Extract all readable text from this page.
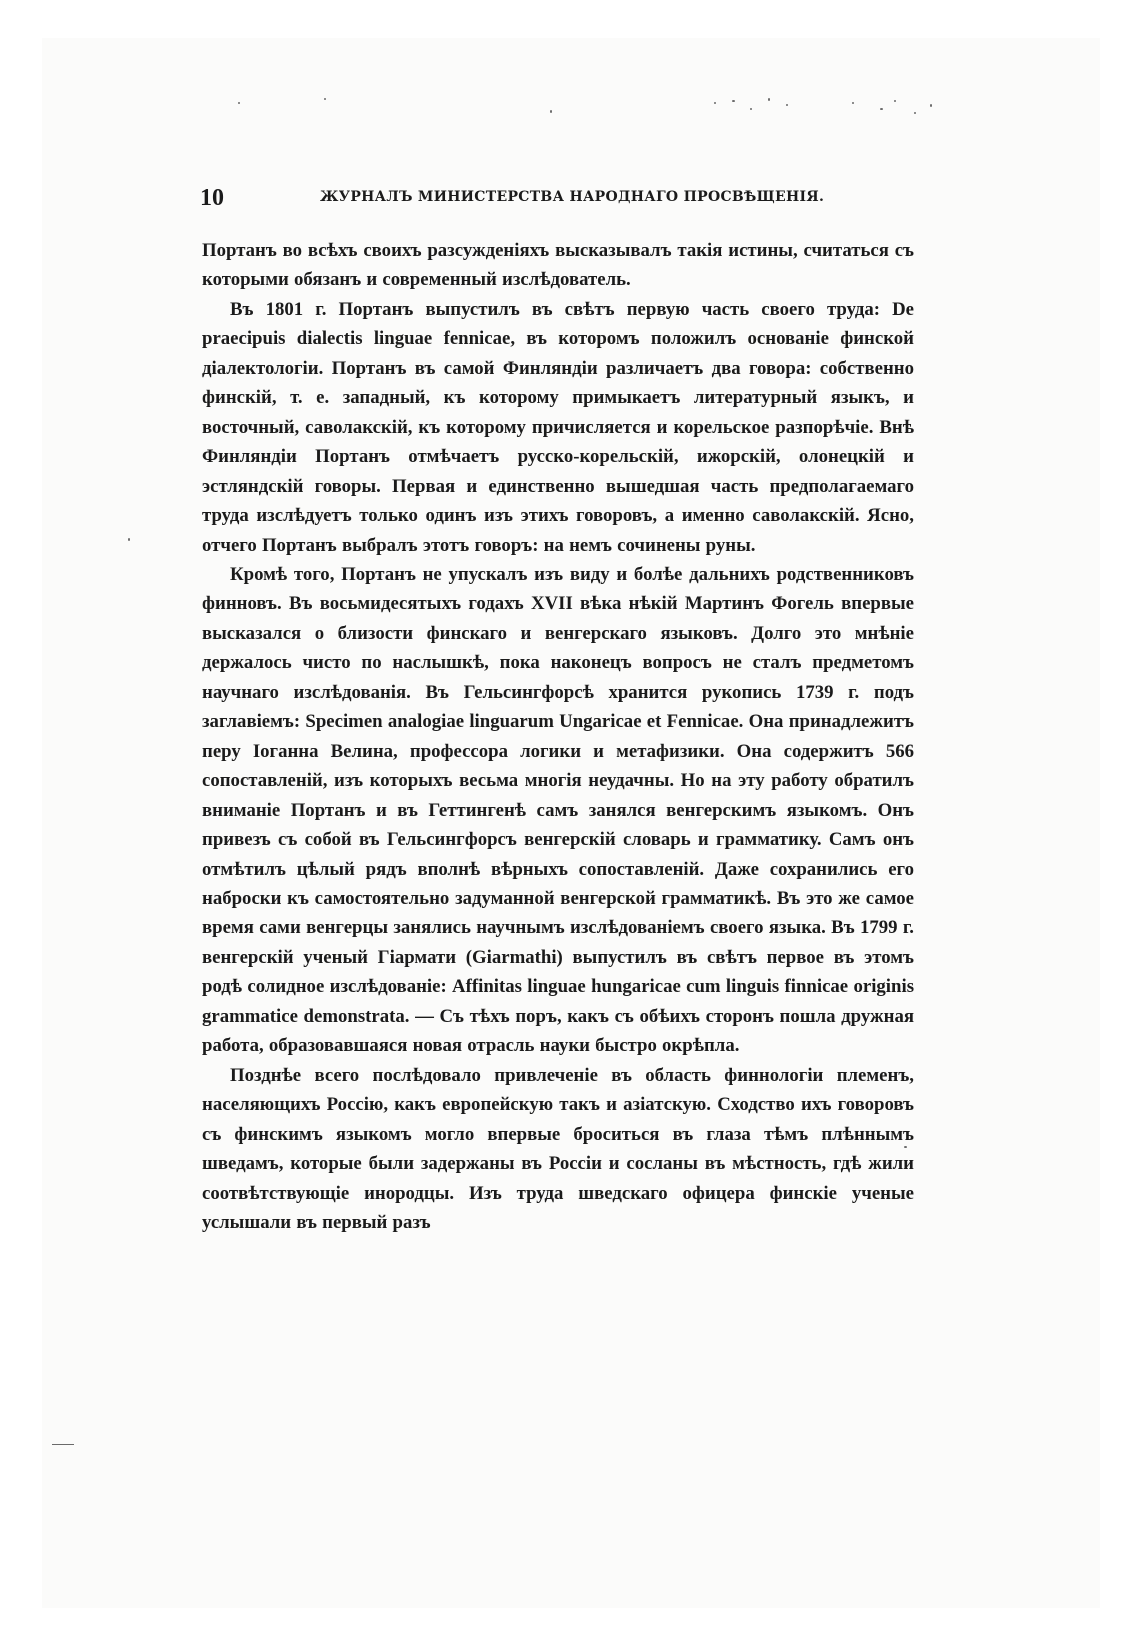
10	ЖУРНАЛЪ МИНИСТЕРСТВА НАРОДНАГО ПРОСВѢЩЕНІЯ.

Портанъ во всѣхъ своихъ разсужденіяхъ высказывалъ такія истины, считаться съ которыми обязанъ и современный изслѣдователь.

Въ 1801 г. Портанъ выпустилъ въ свѣтъ первую часть своего труда: De praecipuis dialectis linguae fennicae, въ которомъ положилъ основаніе финской діалектологіи. Портанъ въ самой Финляндіи различаетъ два говора: собственно финскій, т. е. западный, къ которому примыкаетъ литературный языкъ, и восточный, саволакскій, къ которому причисляется и корельское разпорѣчіе. Внѣ Финляндіи Портанъ отмѣчаетъ русско-корельскій, ижорскій, олонецкій и эстляндскій говоры. Первая и единственно вышедшая часть предполагаемаго труда изслѣдуетъ только одинъ изъ этихъ говоровъ, а именно саволакскій. Ясно, отчего Портанъ выбралъ этотъ говоръ: на немъ сочинены руны.

Кромѣ того, Портанъ не упускалъ изъ виду и болѣе дальнихъ родственниковъ финновъ. Въ восьмидесятыхъ годахъ XVII вѣка нѣкій Мартинъ Фогель впервые высказался о близости финскаго и венгерскаго языковъ. Долго это мнѣніе держалось чисто по наслышкѣ, пока наконецъ вопросъ не сталъ предметомъ научнаго изслѣдованія. Въ Гельсингфорсѣ хранится рукопись 1739 г. подъ заглавіемъ: Specimen analogiae linguarum Ungaricae et Fennicae. Она принадлежитъ перу Іоганна Велина, профессора логики и метафизики. Она содержитъ 566 сопоставленій, изъ которыхъ весьма многія неудачны. Но на эту работу обратилъ вниманіе Портанъ и въ Геттингенѣ самъ занялся венгерскимъ языкомъ. Онъ привезъ съ собой въ Гельсингфорсъ венгерскій словарь и грамматику. Самъ онъ отмѣтилъ цѣлый рядъ вполнѣ вѣрныхъ сопоставленій. Даже сохранились его наброски къ самостоятельно задуманной венгерской грамматикѣ. Въ это же самое время сами венгерцы занялись научнымъ изслѣдованіемъ своего языка. Въ 1799 г. венгерскій ученый Гіармати (Giarmathi) выпустилъ въ свѣтъ первое въ этомъ родѣ солидное изслѣдованіе: Affinitas linguae hungaricae cum linguis finnicae originis grammatice demonstrata. — Съ тѣхъ поръ, какъ съ обѣихъ сторонъ пошла дружная работа, образовавшаяся новая отрасль науки быстро окрѣпла.

Позднѣе всего послѣдовало привлеченіе въ область финнологіи племенъ, населяющихъ Россію, какъ европейскую такъ и азіатскую. Сходство ихъ говоровъ съ финскимъ языкомъ могло впервые броситься въ глаза тѣмъ плѣннымъ шведамъ, которые были задержаны въ Россіи и сосланы въ мѣстность, гдѣ жили соотвѣтствующіе инородцы. Изъ труда шведскаго офицера финскіе ученые услышали въ первый разъ
